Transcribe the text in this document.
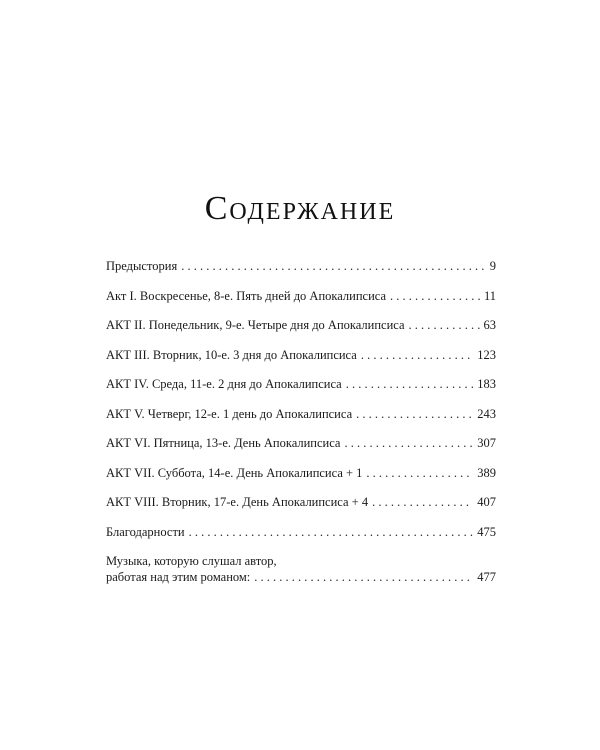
Содержание
Предыстория . . .	9
Акт I. Воскресенье, 8-е. Пять дней до Апокалипсиса . . .	11
АКТ II. Понедельник, 9-е. Четыре дня до Апокалипсиса . . .	63
АКТ III. Вторник, 10-е. 3 дня до Апокалипсиса . . .	123
АКТ IV. Среда, 11-е. 2 дня до Апокалипсиса . . .	183
АКТ V. Четверг, 12-е. 1 день до Апокалипсиса . . .	243
АКТ VI. Пятница, 13-е. День Апокалипсиса . . .	307
АКТ VII. Суббота, 14-е. День Апокалипсиса + 1 . . .	389
АКТ VIII. Вторник, 17-е. День Апокалипсиса + 4 . . .	407
Благодарности . . .	475
Музыка, которую слушал автор,
работая над этим романом: . . .	477
